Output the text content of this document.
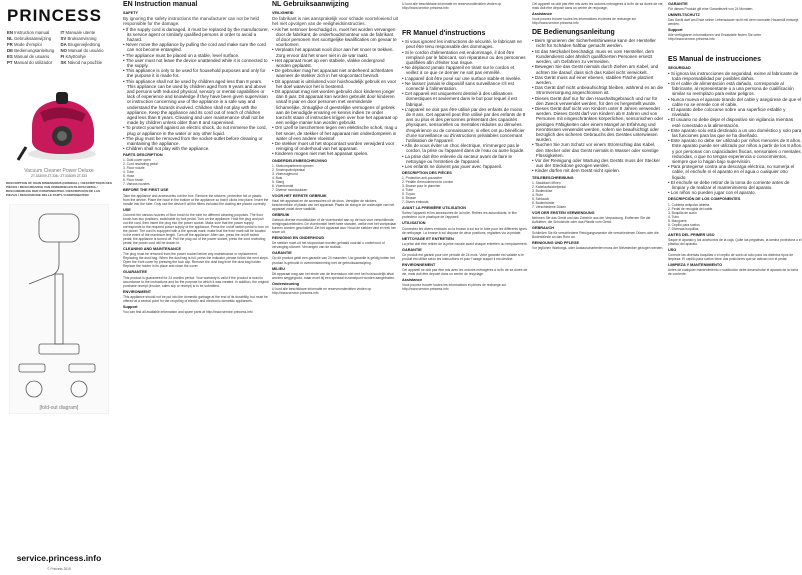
PRINCESS
EN Instruction manual	IT Manuale utente
NL Gebruiksaanwijzing	SV Bruksanvisning
FR Mode d'emploi	DA Brugervejledning
DE Bedienungsanleitung	NO Manual do usuário
ES Manual de usuario	FI Käyttöohje
PT Manual do utilizador	SK Návod na použitie
Vacuum Cleaner Power Deluxe
ZT.333009 ZT.338 / ZT.333009 ZT.333
DESCRIPTION OF MAIN DIMENSIONS (NOMINAL) / DESCRIPTIONS DES PIÈCES / BESCHRIJVING VAN ONDERDELEN BLOKSCHEMA / BESCHREIBUNG DER KOMPONENTEN / DESCRIPCIÓN DE LAS PIEZAS / DESCRIZIONE DELLE PARTI / KOMPONENTER
[fold-out diagram]
service.princess.info
© Princess 2015
EN Instruction manual
SAFETY

By ignoring the safety instructions the manufacturer can not be held responsible for the damage.

• If the supply cord is damaged, it must be replaced by the manufacturer, its service agent or similarly qualified persons in order to avoid a hazard.

• Never move the appliance by pulling the cord and make sure the cord can not become entangled.

• The appliance must be placed on a stable, level surface.

• The user must not leave the device unattended while it is connected to the supply.

• This appliance is only to be used for household purposes and only for the purpose it is made for.

• This appliance shall not be used by children aged less than 8 years. This appliance can be used by children aged from 8 years and above and persons with reduced physical, sensory or mental capabilities or lack of experience and knowledge if they have been given supervision or instruction concerning use of the appliance in a safe way and understand the hazards involved. Children shall not play with the appliance. Keep the appliance and its cord out of reach of children aged less than 8 years. Cleaning and user maintenance shall not be made by children unless older than 8 and supervised.

• To protect yourself against an electric shock, do not immerse the cord, plug or appliance in the water or any other liquid.

• The plug must be removed from the socket-outlet before cleaning or maintaining the appliance.

• Children shall not play with the appliance.

PARTS DESCRIPTION
1. Dust cover open
2. Cord rewinding pedal
3. Floor nozzle
4. Tube
5. Hose
6. Floor brush
7. Various nozzles
BEFORE THE FIRST USE

Take the appliance and accessories out the box. Remove the stickers, protective foil or plastic from the device. Place the hose in the bottom of the appliance so that it clicks into place. Insert the handle into the tube. Only use the device if all the filters included the dusting are placed correctly.

USE

Connect the various nozzles of floor brush to the tube for different cleaning purposes. The floor brush has two positions, switchable by foot pedal. Turn on the appliance: Hold the plug and pull out the cord, then insert the plug into the power socket. Make sure that the power supply corresponds to the required power supply of the appliance. Press the on/off switch pedal to turn on the power. The cord is equipped with a the special mark; make that the front mark will be located in the event of the maximum length. Turn off the appliance: After use, press the on/off switch pedal; the appliance is turned off. Pull the plug out of the power socket, press the cord rewinding pedal; the power cord will be drawn in.

CLEANING AND MAINTENANCE

The plug must be removed from the power socket before any maintenance or replacement. Replacing the dust bag: When the dust bag is full, press the indicator, please follow the next steps. Open the front cover by pressing the lock clip. Remove the dust bag from the dust bag holder. Replace the holder in its place and close the cover.

GUARANTEE

This product is guaranteed for 24 months period. Your warranty is valid if the product is used in accordance to the instructions and for the purpose for which it was created. In addition, the original purchase receipt (invoice, sales slip or receipt) is to be submitted.

ENVIRONMENT

This appliance should not be put into the domestic garbage at the end of its durability, but must be offered at a central point for the recycling of electric and electronic domestic appliances.

Support

You can find all available information and spare parts at http://www.service.princess.info

NL Gebruiksaanwijzing
VEILIGHEID

De fabrikant is niet aansprakelijk voor schade voortvloeiend uit het niet opvolgen van de veiligheidsinstructies.

• Als het netsnoer beschadigd is, moet het worden vervangen door de fabrikant, de onderhoudsmonteur van de fabrikant of door personen met soortgelijke kwalificaties om gevaar te voorkomen.

• Verplaats het apparaat nooit door aan het snoer te trekken. Zorg ervoor dat het snoer niet in de war raakt.

• Het apparaat moet op een stabiele, vlakke ondergrond worden geplaatst.

• De gebruiker mag het apparaat niet onbeheerd achterlaten wanneer de stekker zich in het stopcontact bevindt.

• Dit apparaat is uitsluitend voor huishoudelijk gebruik en voor het doel waarvoor het is bestemd.

• Dit apparaat mag niet worden gebruikt door kinderen jonger dan 8 jaar. Dit apparaat kan worden gebruikt door kinderen vanaf 8 jaar en door personen met verminderde lichamelijke, zintuiglijke of geestelijke vermogens of gebrek aan de benodigde ervaring en kennis indien ze onder toezicht staan of instructies krijgen over hoe het apparaat op een veilige manier kan worden gebruikt.

• Om uzelf te beschermen tegen een elektrische schok, mag u het snoer, de stekker of het apparaat niet onderdompelen in water of een andere vloeistof.

• De stekker moet uit het stopcontact worden verwijderd voor reiniging of onderhoud van het apparaat.

• Kinderen mogen niet met het apparaat spelen.

ONDERDELENBESCHRIJVING
1. Stofcompartiment openen
2. Snoeropwindpedaal
3. Vloerzuigmond
4. Buis
5. Slang
6. Vloerborstel
7. Diverse mondstukken
VOOR HET EERSTE GEBRUIK

Haal het apparaat en de accessoires uit de doos. Verwijder de stickers, beschermfolie of plastic van het apparaat. Plaats de slang in de onderzijde van het apparaat zodat deze vastklikt.

GEBRUIK

Gebruik diverse mondstukken of de vloerborstel aan op de buis voor verschillende reinigingsdoeleinden. De vloerborstel heeft twee standen, welke met het voetpedaal kunnen worden geschakeld. Zet het apparaat aan: Houd de stekker vast en trek het snoer uit.

REINIGING EN ONDERHOUD

De stekker moet uit het stopcontact worden gehaald voordat u onderhoud of vervanging uitvoert. Vervangen van de stofzak.

GARANTIE

Op dit product geldt een garantie van 24 maanden. Uw garantie is geldig indien het product is gebruikt in overeenstemming met de gebruiksaanwijzing.

MILIEU

Dit apparaat mag aan het einde van de levensduur niet met het huishoudelijk afval worden weggegooid, maar moet bij een speciaal inzamelpunt worden aangeboden.

Ondersteuning

U kunt alle beschikbare informatie en reserveonderdelen vinden op http://www.service.princess.info

U kunt alle beschikbare informatie en reserveonderdelen vinden op http://www.service.princess.info

FR Manuel d'instructions

• Si vous ignorez les instructions de sécurité, le fabricant ne peut être tenu responsable des dommages.

• Si le cordon d'alimentation est endommagé, il doit être remplacé par le fabricant, son réparateur ou des personnes qualifiées afin d'éviter tout risque.

• Ne déplacez jamais l'appareil en tirant sur le cordon et veillez à ce que ce dernier ne soit pas emmêlé.

• L'appareil doit être posé sur une surface stable et nivelée.

• Ne laissez jamais le dispositif sans surveillance s'il est connecté à l'alimentation.

• Cet appareil est uniquement destiné à des utilisations domestiques et seulement dans le but pour lequel il est fabriqué.

• L'appareil ne doit pas être utilisé par des enfants de moins de 8 ans. Cet appareil peut être utilisé par des enfants de 8 ans ou plus et des personnes présentant des capacités physiques, sensorielles ou mentales réduites ou dénuées d'expérience ou de connaissance, si elles ont pu bénéficier d'une surveillance ou d'instructions préalables concernant l'utilisation de l'appareil.

• Afin de vous éviter un choc électrique, n'immergez pas le cordon, la prise ou l'appareil dans de l'eau ou autre liquide.

• La prise doit être enlevée du secteur avant de faire le nettoyage ou l'entretien de l'appareil.

• Les enfants ne doivent pas jouer avec l'appareil.

DESCRIPTION DES PIÈCES
1. Protection anti-poussière
2. Pédale d'enroulement du cordon
3. Brosse pour le plancher
4. Tube
5. Tuyau
6. Brosse
7. Divers embouts
AVANT LA PREMIÈRE UTILISATION

Sortez l'appareil et les accessoires de la boîte. Retirez les autocollants, le film protecteur ou le plastique de l'appareil.

UTILISATION

Connectez les divers embouts ou la brosse à sol sur le tube pour les différents types de nettoyage. La brosse à sol dispose de deux positions, réglables via la pédale.

NETTOYAGE ET ENTRETIEN

La prise doit être retirée de la prise murale avant chaque entretien ou remplacement.

GARANTIE

Ce produit est garanti pour une période de 24 mois. Votre garantie est valable si le produit est utilisé selon les instructions et pour l'usage auquel il est destiné.

ENVIRONNEMENT

Cet appareil ne doit pas être mis avec les ordures ménagères à la fin de sa durée de vie, mais doit être déposé dans un centre de recyclage.

Assistance

Vous pouvez trouver toutes les informations et pièces de rechange sur http://www.service.princess.info

Cet appareil ne doit pas être mis avec les ordures ménagères à la fin de sa durée de vie, mais doit être déposé dans un centre de recyclage.

Assistance

Vous pouvez trouver toutes les informations et pièces de rechange sur http://www.service.princess.info

DE Bedienungsanleitung

• Beim Ignorieren der Sicherheitshinweise kann der Hersteller nicht für Schäden haftbar gemacht werden.

• Ist das Netzkabel beschädigt, muss es vom Hersteller, dem Kundendienst oder ähnlich qualifizierten Personen ersetzt werden, um Gefahren zu vermeiden.

• Bewegen Sie das Gerät niemals durch Ziehen am Kabel, und achten Sie darauf, dass sich das Kabel nicht verwickelt.

• Das Gerät muss auf einer ebenen, stabilen Fläche platziert werden.

• Das Gerät darf nicht unbeaufsichtigt bleiben, während es an die Stromversorgung angeschlossen ist.

• Dieses Gerät darf nur für den Haushaltsgebrauch und nur für den Zweck verwendet werden, für den es hergestellt wurde.

• Dieses Gerät darf nicht von Kindern unter 8 Jahren verwendet werden. Dieses Gerät darf von Kindern ab 8 Jahren und von Personen mit eingeschränkten körperlichen, sensorischen oder geistigen Fähigkeiten oder einem Mangel an Erfahrung und Kenntnissen verwendet werden, sofern sie beaufsichtigt oder bezüglich des sicheren Gebrauchs des Gerätes unterwiesen wurden.

• Tauchen Sie zum Schutz vor einem Stromschlag das Kabel, den Stecker oder das Gerät niemals in Wasser oder sonstige Flüssigkeiten.

• Vor der Reinigung oder Wartung des Geräts muss der Stecker aus der Steckdose gezogen werden.

• Kinder dürfen mit dem Gerät nicht spielen.

TEILEBESCHREIBUNG
1. Staubfach öffnen
2. Kabelaufwickelpedal
3. Bodendüse
4. Rohr
5. Schlauch
6. Bodenbürste
7. Verschiedene Düsen
VOR DER ERSTEN VERWENDUNG

Nehmen Sie das Gerät und das Zubehör aus der Verpackung. Entfernen Sie die Aufkleber, die Schutzfolie oder das Plastik vom Gerät.

GEBRAUCH

Schließen Sie für verschiedene Reinigungszwecke die verschiedenen Düsen oder die Bodenbürste an das Rohr an.

REINIGUNG UND PFLEGE

Vor jeglichen Wartungs- oder Austauscharbeiten muss der Netzstecker gezogen werden.

GARANTIE

Für dieses Produkt gilt eine Garantiezeit von 24 Monaten.

UMWELTSCHUTZ

Das Gerät darf am Ende seiner Lebensdauer nicht mit dem normalen Hausmüll entsorgt werden.

Support

Alle verfügbaren Informationen und Ersatzteile finden Sie unter http://www.service.princess.info

ES Manual de instrucciones
SEGURIDAD

• Si ignora las instrucciones de seguridad, exime al fabricante de toda responsabilidad por posibles daños.

• Si el cable de alimentación está dañado, corresponde al fabricante, al representante o a una persona de cualificación similar su reemplazo para evitar peligros.

• Nunca mueva el aparato tirando del cable y asegúrese de que el cable no se enrede con el cable.

• El aparato debe colocarse sobre una superficie estable y nivelada.

• El usuario no debe dejar el dispositivo sin vigilancia mientras esté conectado a la alimentación.

• Este aparato solo está destinado a un uso doméstico y solo para las funciones para las que se ha diseñado.

• Este aparato no debe ser utilizado por niños menores de 8 años. Este aparato puede ser utilizado por niños a partir de los 8 años y por personas con capacidades físicas, sensoriales o mentales reducidas, o que no tengan experiencia o conocimientos, siempre que lo hagan bajo supervisión.

• Para protegerse contra una descarga eléctrica, no sumerja el cable, el enchufe ni el aparato en el agua o cualquier otro líquido.

• El enchufe se debe retirar de la toma de corriente antes de limpiar y de realizar el mantenimiento del aparato.

• Los niños no pueden jugar con el aparato.

DESCRIPCIÓN DE LOS COMPONENTES
1. Cubierta antipolvo abierta
2. Pedal de recogida del cable
3. Boquilla de suelo
4. Tubo
5. Manguera
6. Cepillo para suelos
7. Diversas boquillas
ANTES DEL PRIMER USO

Saque el aparato y los accesorios de la caja. Quite las pegatinas, la lámina protectora o el plástico del aparato.

USO

Conecte las diversas boquillas o el cepillo de suelo al tubo para los distintos tipos de limpieza. El cepillo para suelos tiene dos posiciones que se activan con el pedal.

LIMPIEZA Y MANTENIMIENTO

Antes de cualquier mantenimiento o sustitución debe desenchufar el aparato de la toma de corriente.
